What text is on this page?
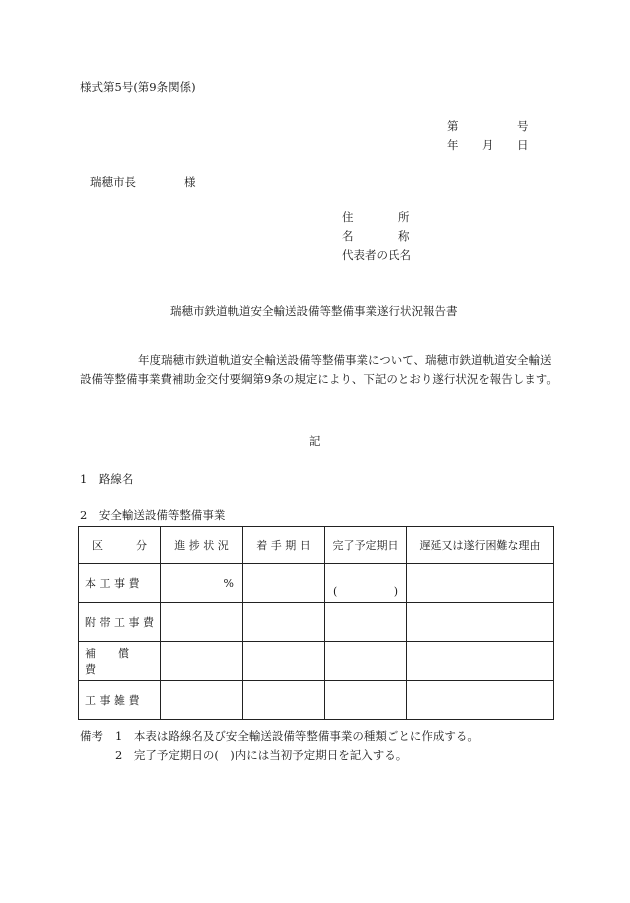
様式第5号(第9条関係)
第	号
年 月 日
瑞穂市長	様
住	所
名	称
代表者の氏名
瑞穂市鉄道軌道安全輸送設備等整備事業遂行状況報告書
年度瑞穂市鉄道軌道安全輸送設備等整備事業について、瑞穂市鉄道軌道安全輸送設備等整備事業費補助金交付要綱第9条の規定により、下記のとおり遂行状況を報告します。
記
1　路線名
2　安全輸送設備等整備事業
区　　　分	進 捗 状 況	着 手 期 日	完了予定期日	遅延又は遂行困難な理由
本 工 事 費	%		( )	

附 帯 工 事 費				
補　　償　　費				
工 事 雑 費				
備考 1　本表は路線名及び安全輸送設備等整備事業の種類ごとに作成する。
2　完了予定期日の(　)内には当初予定期日を記入する。
